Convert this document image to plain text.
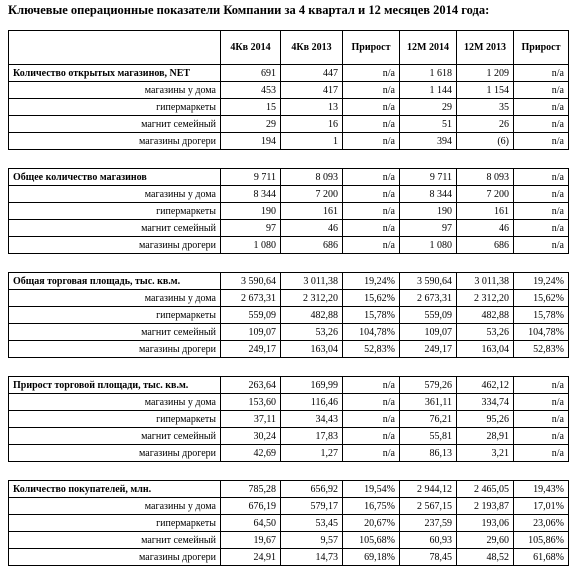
Ключевые операционные показатели Компании за 4 квартал и 12 месяцев 2014 года:
	4Кв 2014	4Кв 2013	Прирост	12М 2014	12М 2013	Прирост
Количество открытых магазинов, NET	691	447	n/a	1 618	1 209	n/a
магазины у дома	453	417	n/a	1 144	1 154	n/a
гипермаркеты	15	13	n/a	29	35	n/a
магнит семейный	29	16	n/a	51	26	n/a
магазины дрогери	194	1	n/a	394	(6)	n/a

Общее количество магазинов	9 711	8 093	n/a	9 711	8 093	n/a
магазины у дома	8 344	7 200	n/a	8 344	7 200	n/a
гипермаркеты	190	161	n/a	190	161	n/a
магнит семейный	97	46	n/a	97	46	n/a
магазины дрогери	1 080	686	n/a	1 080	686	n/a

Общая торговая площадь, тыс. кв.м.	3 590,64	3 011,38	19,24%	3 590,64	3 011,38	19,24%
магазины у дома	2 673,31	2 312,20	15,62%	2 673,31	2 312,20	15,62%
гипермаркеты	559,09	482,88	15,78%	559,09	482,88	15,78%
магнит семейный	109,07	53,26	104,78%	109,07	53,26	104,78%
магазины дрогери	249,17	163,04	52,83%	249,17	163,04	52,83%

Прирост торговой площади, тыс. кв.м.	263,64	169,99	n/a	579,26	462,12	n/a
магазины у дома	153,60	116,46	n/a	361,11	334,74	n/a
гипермаркеты	37,11	34,43	n/a	76,21	95,26	n/a
магнит семейный	30,24	17,83	n/a	55,81	28,91	n/a
магазины дрогери	42,69	1,27	n/a	86,13	3,21	n/a

Количество покупателей, млн.	785,28	656,92	19,54%	2 944,12	2 465,05	19,43%
магазины у дома	676,19	579,17	16,75%	2 567,15	2 193,87	17,01%
гипермаркеты	64,50	53,45	20,67%	237,59	193,06	23,06%
магнит семейный	19,67	9,57	105,68%	60,93	29,60	105,86%
магазины дрогери	24,91	14,73	69,18%	78,45	48,52	61,68%
